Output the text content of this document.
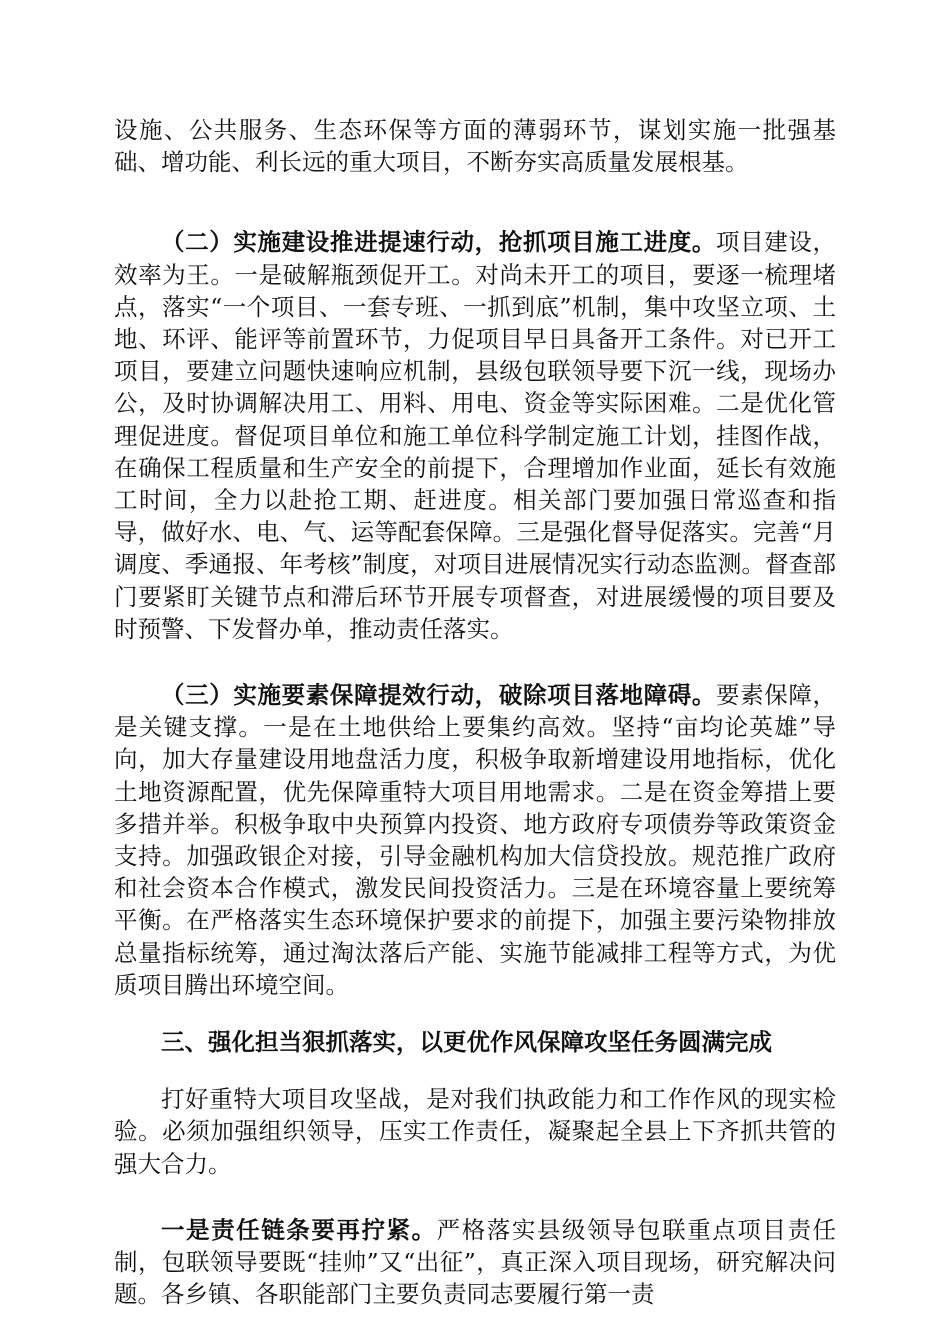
设施、公共服务、生态环保等方面的薄弱环节，谋划实施一批强基础、增功能、利长远的重大项目，不断夯实高质量发展根基。

（二）实施建设推进提速行动，抢抓项目施工进度。项目建设，效率为王。一是破解瓶颈促开工。对尚未开工的项目，要逐一梳理堵点，落实“一个项目、一套专班、一抓到底”机制，集中攻坚立项、土地、环评、能评等前置环节，力促项目早日具备开工条件。对已开工项目，要建立问题快速响应机制，县级包联领导要下沉一线，现场办公，及时协调解决用工、用料、用电、资金等实际困难。二是优化管理促进度。督促项目单位和施工单位科学制定施工计划，挂图作战，在确保工程质量和生产安全的前提下，合理增加作业面，延长有效施工时间，全力以赴抢工期、赶进度。相关部门要加强日常巡查和指导，做好水、电、气、运等配套保障。三是强化督导促落实。完善“月调度、季通报、年考核”制度，对项目进展情况实行动态监测。督查部门要紧盯关键节点和滞后环节开展专项督查，对进展缓慢的项目要及时预警、下发督办单，推动责任落实。

（三）实施要素保障提效行动，破除项目落地障碍。要素保障，是关键支撑。一是在土地供给上要集约高效。坚持“亩均论英雄”导向，加大存量建设用地盘活力度，积极争取新增建设用地指标，优化土地资源配置，优先保障重特大项目用地需求。二是在资金筹措上要多措并举。积极争取中央预算内投资、地方政府专项债券等政策资金支持。加强政银企对接，引导金融机构加大信贷投放。规范推广政府和社会资本合作模式，激发民间投资活力。三是在环境容量上要统筹平衡。在严格落实生态环境保护要求的前提下，加强主要污染物排放总量指标统筹，通过淘汰落后产能、实施节能减排工程等方式，为优质项目腾出环境空间。

三、强化担当狠抓落实，以更优作风保障攻坚任务圆满完成

打好重特大项目攻坚战，是对我们执政能力和工作作风的现实检验。必须加强组织领导，压实工作责任，凝聚起全县上下齐抓共管的强大合力。

一是责任链条要再拧紧。严格落实县级领导包联重点项目责任制，包联领导要既“挂帅”又“出征”，真正深入项目现场，研究解决问题。各乡镇、各职能部门主要负责同志要履行第一责
